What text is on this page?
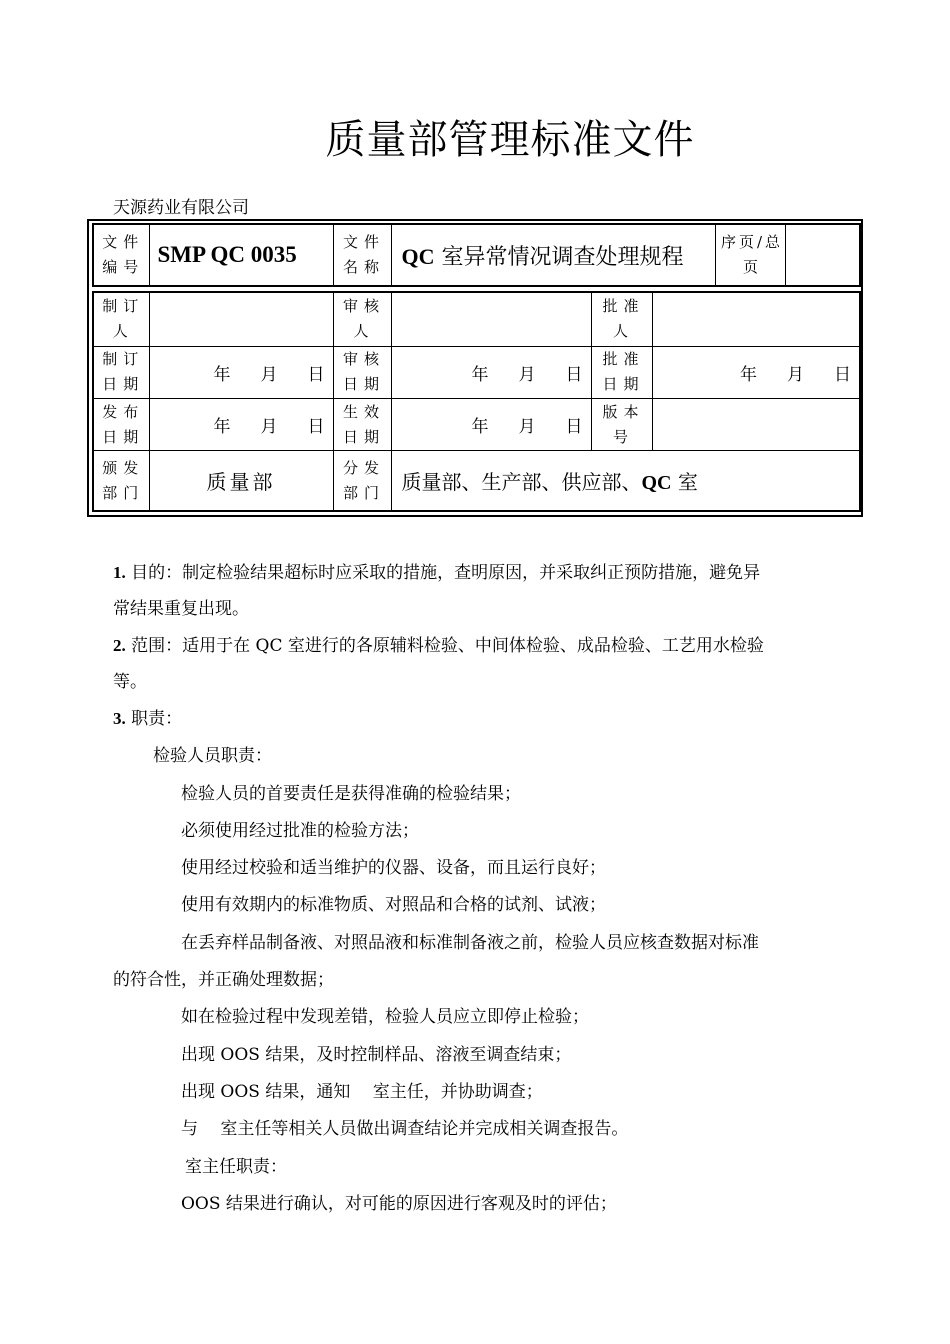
质量部管理标准文件
天源药业有限公司
文件编号	SMP QC 0035	文件名称	QC 室异常情况调查处理规程	序页/总页	
制订人		审核人		批准人	
制订日期	年 月 日	审核日期	年 月 日	批准日期	年 月 日
发布日期	年 月 日	生效日期	年 月 日	版本号	
颁发部门	质量部	分发部门	质量部、生产部、供应部、QC 室		
1. 目的：制定检验结果超标时应采取的措施，查明原因，并采取纠正预防措施，避免异
常结果重复出现。
2. 范围：适用于在 QC 室进行的各原辅料检验、中间体检验、成品检验、工艺用水检验
等。
3. 职责：
检验人员职责：
检验人员的首要责任是获得准确的检验结果；
必须使用经过批准的检验方法；
使用经过校验和适当维护的仪器、设备，而且运行良好；
使用有效期内的标准物质、对照品和合格的试剂、试液；
在丢弃样品制备液、对照品液和标准制备液之前，检验人员应核查数据对标准
的符合性，并正确处理数据；
如在检验过程中发现差错，检验人员应立即停止检验；
出现 OOS 结果，及时控制样品、溶液至调查结束；
出现 OOS 结果，通知　 室主任，并协助调查；
与　 室主任等相关人员做出调查结论并完成相关调查报告。
室主任职责：
OOS 结果进行确认，对可能的原因进行客观及时的评估；
